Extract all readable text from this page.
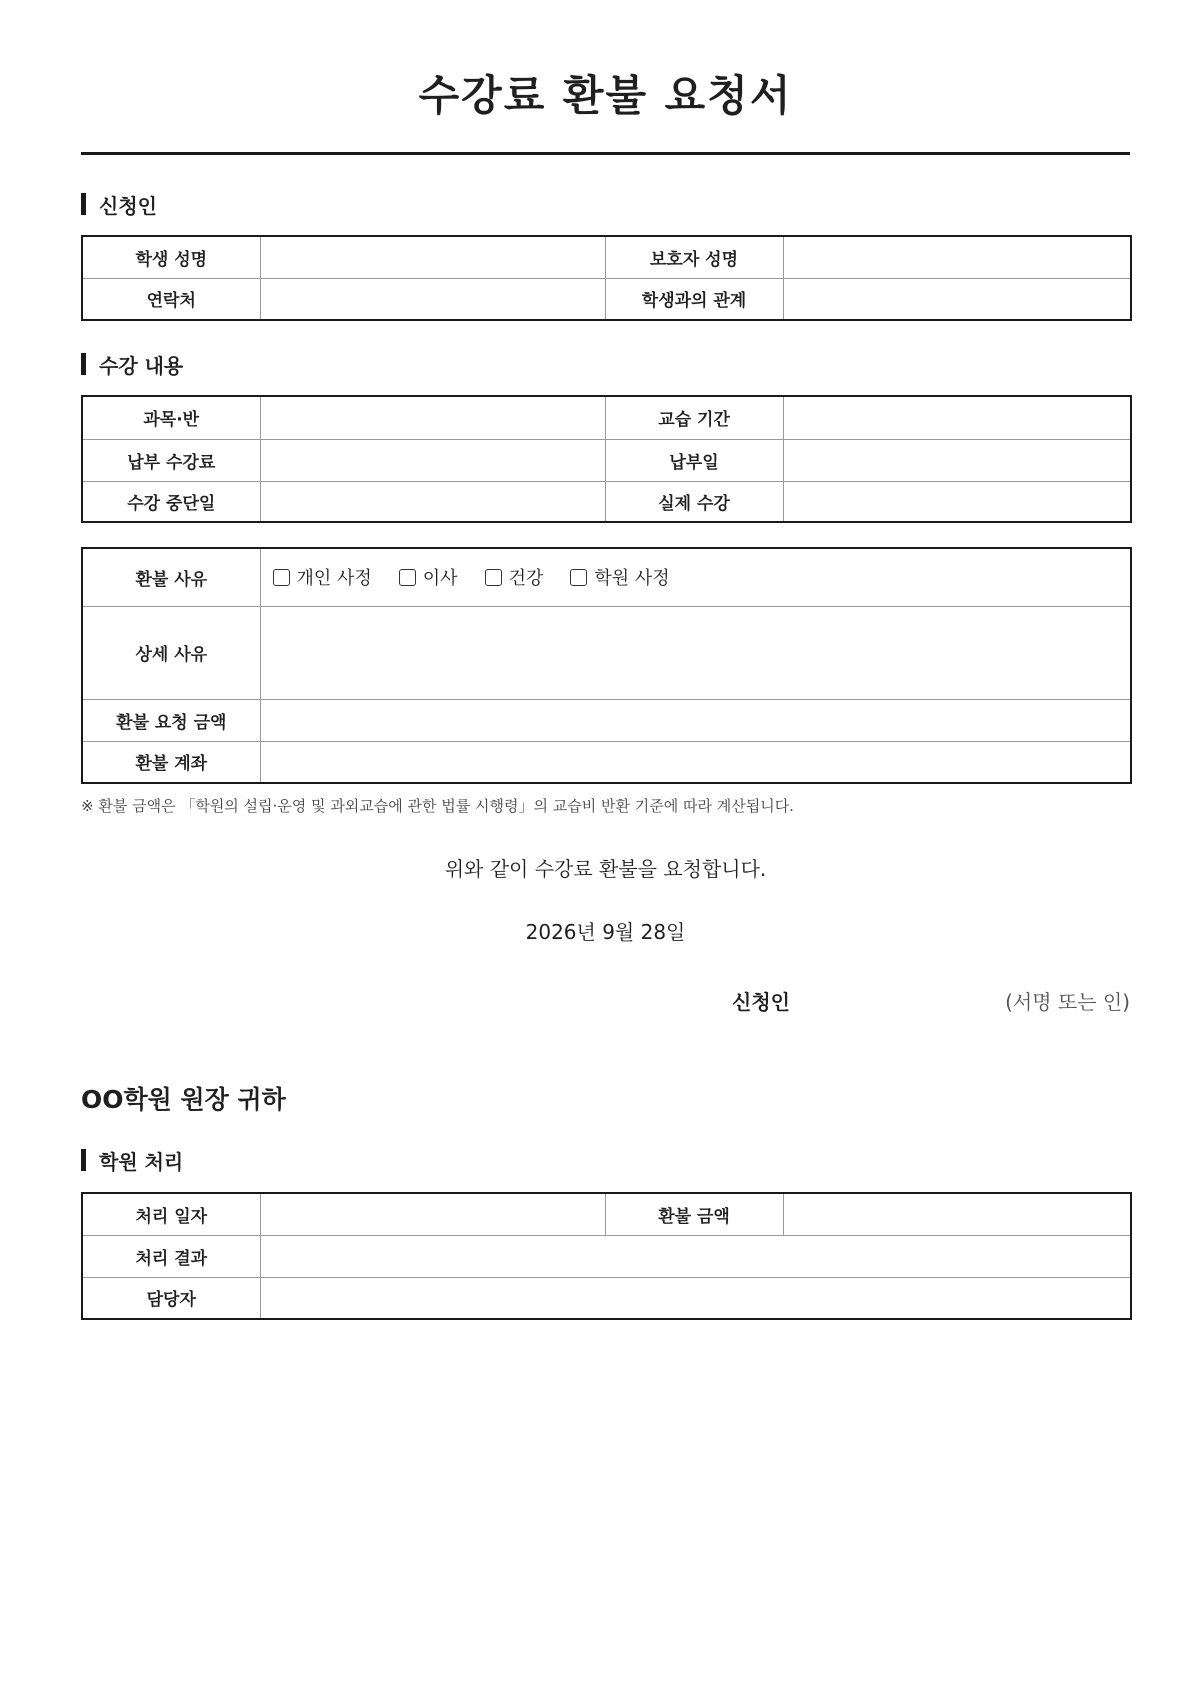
수강료 환불 요청서
신청인
학생 성명		보호자 성명	
연락처		학생과의 관계	
수강 내용
과목·반		교습 기간	
납부 수강료		납부일	
수강 중단일		실제 수강	
환불 사유	개인 사정 이사 건강 학원 사정

상세 사유	
환불 요청 금액	
환불 계좌	
※ 환불 금액은 「학원의 설립·운영 및 과외교습에 관한 법률 시행령」의 교습비 반환 기준에 따라 계산됩니다.
위와 같이 수강료 환불을 요청합니다.
2026년 9월 28일
신청인	(서명 또는 인)
OO학원 원장 귀하
학원 처리
처리 일자		환불 금액	
처리 결과			
담당자			
